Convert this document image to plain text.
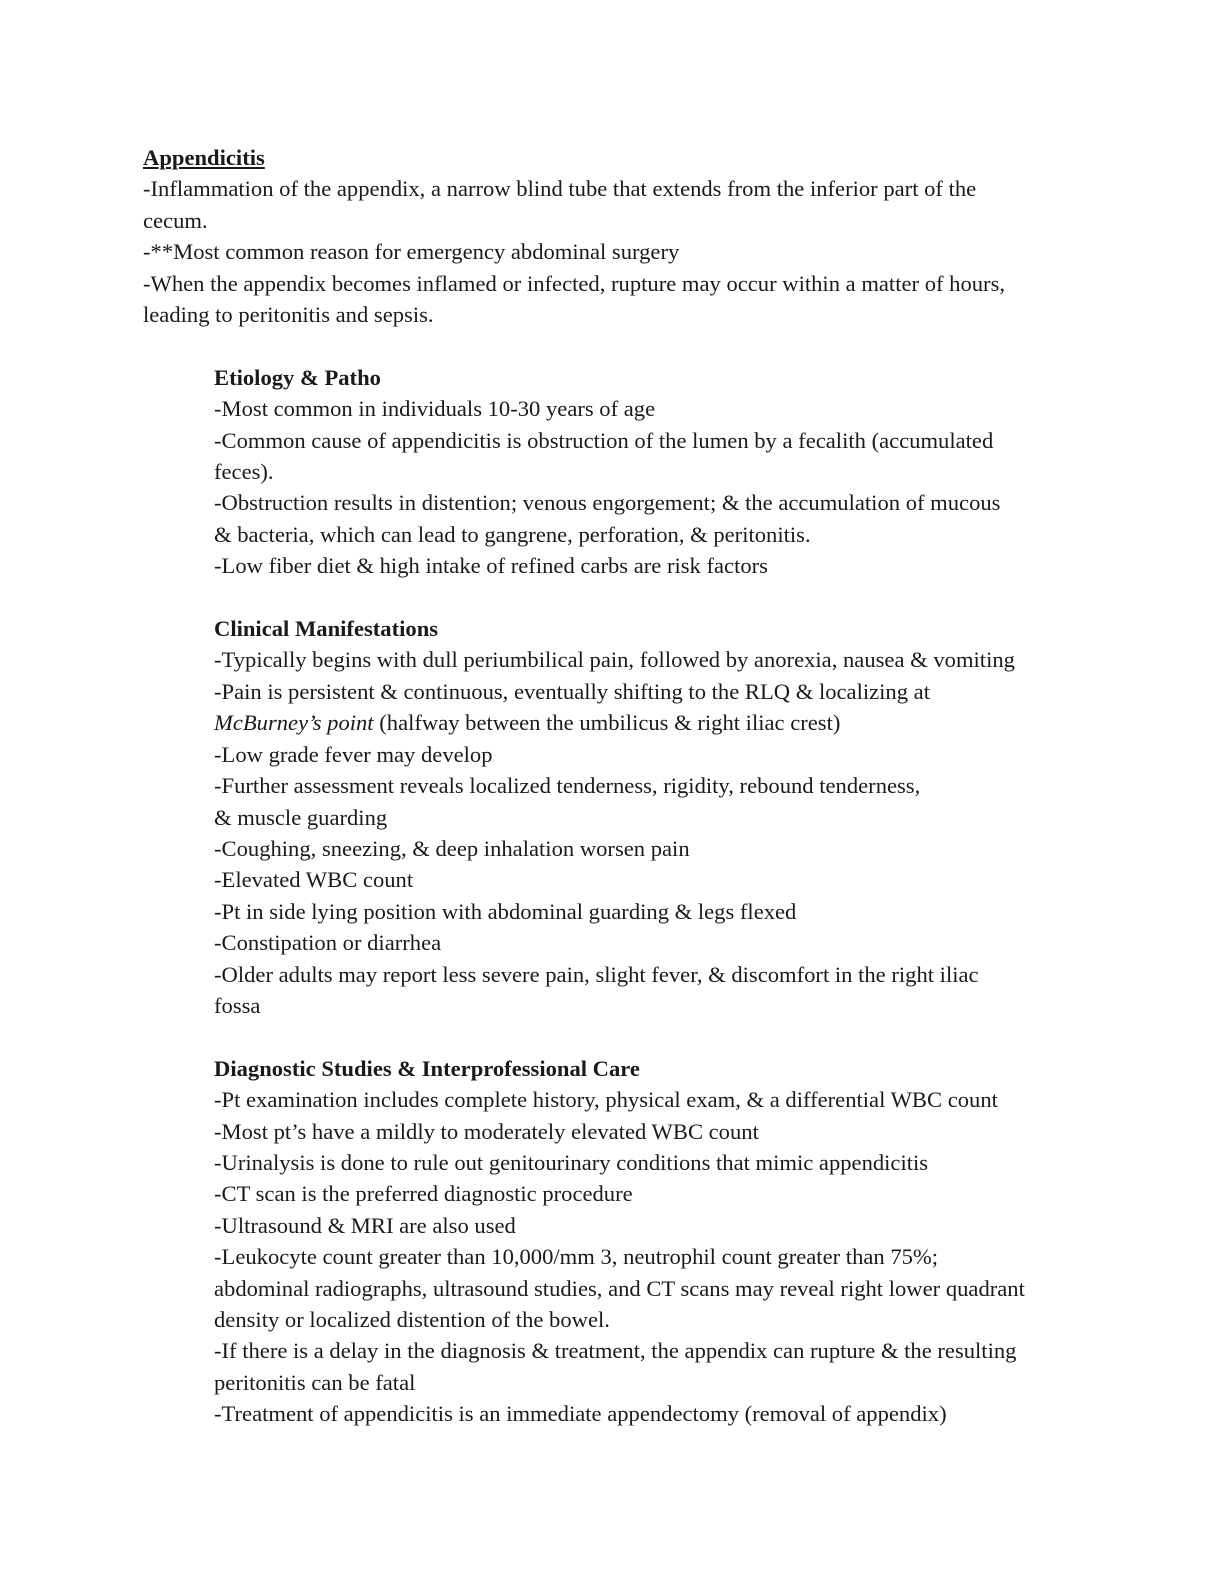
Appendicitis
-Inflammation of the appendix, a narrow blind tube that extends from the inferior part of the
cecum.
-**Most common reason for emergency abdominal surgery
-When the appendix becomes inflamed or infected, rupture may occur within a matter of hours,
leading to peritonitis and sepsis.
Etiology & Patho
-Most common in individuals 10-30 years of age
-Common cause of appendicitis is obstruction of the lumen by a fecalith (accumulated
feces).
-Obstruction results in distention; venous engorgement; & the accumulation of mucous
& bacteria, which can lead to gangrene, perforation, & peritonitis.
-Low fiber diet & high intake of refined carbs are risk factors
Clinical Manifestations
-Typically begins with dull periumbilical pain, followed by anorexia, nausea & vomiting
-Pain is persistent & continuous, eventually shifting to the RLQ & localizing at
McBurney’s point (halfway between the umbilicus & right iliac crest)
-Low grade fever may develop
-Further assessment reveals localized tenderness, rigidity, rebound tenderness,
& muscle guarding
-Coughing, sneezing, & deep inhalation worsen pain
-Elevated WBC count
-Pt in side lying position with abdominal guarding & legs flexed
-Constipation or diarrhea
-Older adults may report less severe pain, slight fever, & discomfort in the right iliac
fossa
Diagnostic Studies & Interprofessional Care
-Pt examination includes complete history, physical exam, & a differential WBC count
-Most pt’s have a mildly to moderately elevated WBC count
-Urinalysis is done to rule out genitourinary conditions that mimic appendicitis
-CT scan is the preferred diagnostic procedure
-Ultrasound & MRI are also used
-Leukocyte count greater than 10,000/mm 3, neutrophil count greater than 75%;
abdominal radiographs, ultrasound studies, and CT scans may reveal right lower quadrant
density or localized distention of the bowel.
-If there is a delay in the diagnosis & treatment, the appendix can rupture & the resulting
peritonitis can be fatal
-Treatment of appendicitis is an immediate appendectomy (removal of appendix)
